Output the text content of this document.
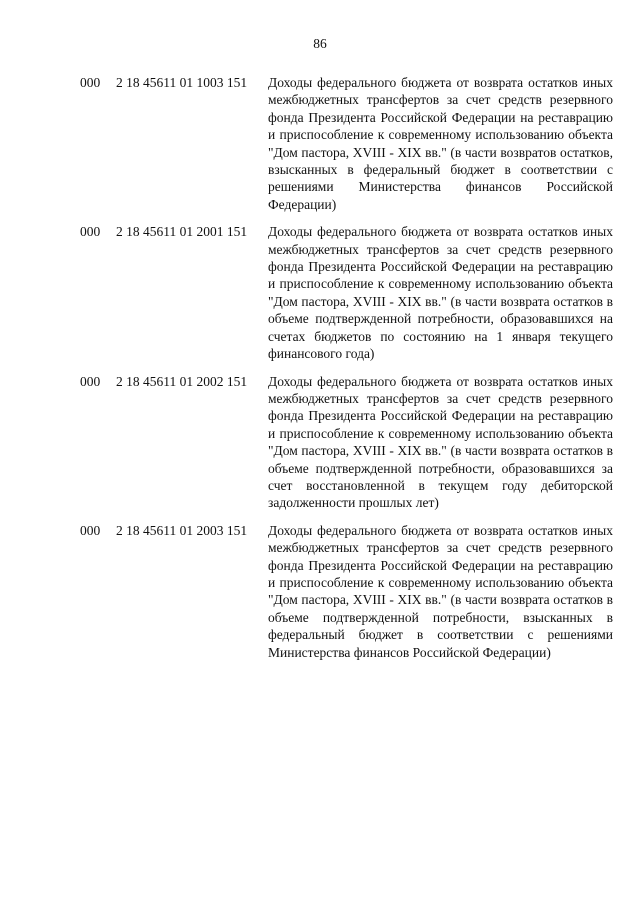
86
000	2 18 45611 01 1003 151	Доходы федерального бюджета от возврата остатков иных межбюджетных трансфертов за счет средств резервного фонда Президента Российской Федерации на реставрацию и приспособление к современному использованию объекта "Дом пастора, XVIII - XIX вв." (в части возвратов остатков, взысканных в федеральный бюджет в соответствии с решениями Министерства финансов Российской Федерации)
000	2 18 45611 01 2001 151	Доходы федерального бюджета от возврата остатков иных межбюджетных трансфертов за счет средств резервного фонда Президента Российской Федерации на реставрацию и приспособление к современному использованию объекта "Дом пастора, XVIII - XIX вв." (в части возврата остатков в объеме подтвержденной потребности, образовавшихся на счетах бюджетов по состоянию на 1 января текущего финансового года)
000	2 18 45611 01 2002 151	Доходы федерального бюджета от возврата остатков иных межбюджетных трансфертов за счет средств резервного фонда Президента Российской Федерации на реставрацию и приспособление к современному использованию объекта "Дом пастора, XVIII - XIX вв." (в части возврата остатков в объеме подтвержденной потребности, образовавшихся за счет восстановленной в текущем году дебиторской задолженности прошлых лет)
000	2 18 45611 01 2003 151	Доходы федерального бюджета от возврата остатков иных межбюджетных трансфертов за счет средств резервного фонда Президента Российской Федерации на реставрацию и приспособление к современному использованию объекта "Дом пастора, XVIII - XIX вв." (в части возврата остатков в объеме подтвержденной потребности, взысканных в федеральный бюджет в соответствии с решениями Министерства финансов Российской Федерации)
